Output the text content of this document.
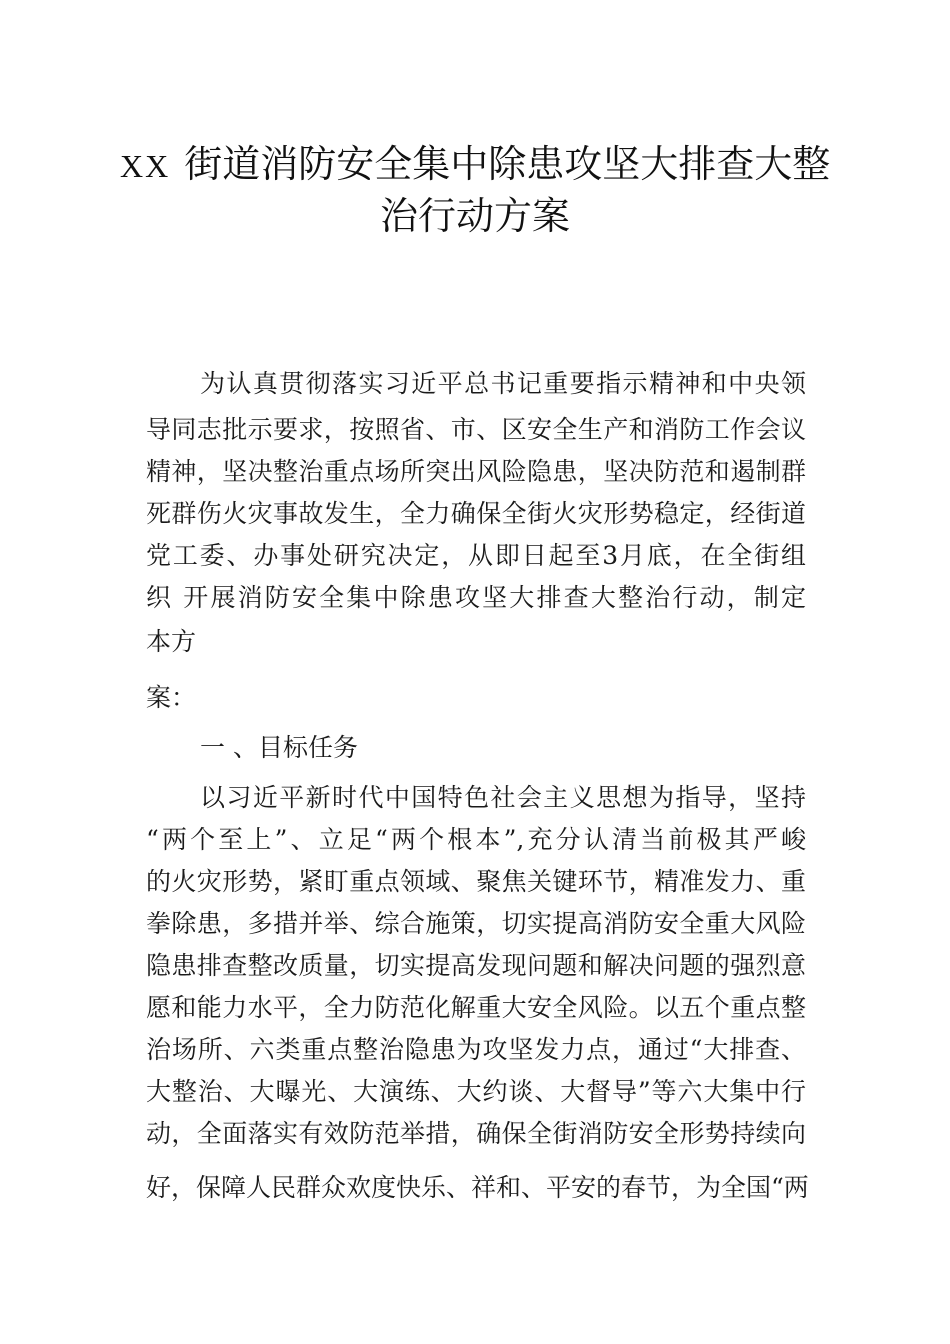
XX 街道消防安全集中除患攻坚大排查大整
治行动方案
为认真贯彻落实习近平总书记重要指示精神和中央领
导同志批示要求，按照省、市、区安全生产和消防工作会议
精神，坚决整治重点场所突出风险隐患，坚决防范和遏制群
死群伤火灾事故发生，全力确保全街火灾形势稳定，经街道
党工委、办事处研究决定，从即日起至3月底，在全街组
织 开展消防安全集中除患攻坚大排查大整治行动，制定
本方
案：
一 、目标任务
以习近平新时代中国特色社会主义思想为指导，坚持
“两个至上”、立足“两个根本”,充分认清当前极其严峻
的火灾形势，紧盯重点领域、聚焦关键环节，精准发力、重
拳除患，多措并举、综合施策，切实提高消防安全重大风险
隐患排查整改质量，切实提高发现问题和解决问题的强烈意
愿和能力水平，全力防范化解重大安全风险。以五个重点整
治场所、六类重点整治隐患为攻坚发力点，通过“大排查、
大整治、大曝光、大演练、大约谈、大督导”等六大集中行
动，全面落实有效防范举措，确保全街消防安全形势持续向
好，保障人民群众欢度快乐、祥和、平安的春节，为全国“两
